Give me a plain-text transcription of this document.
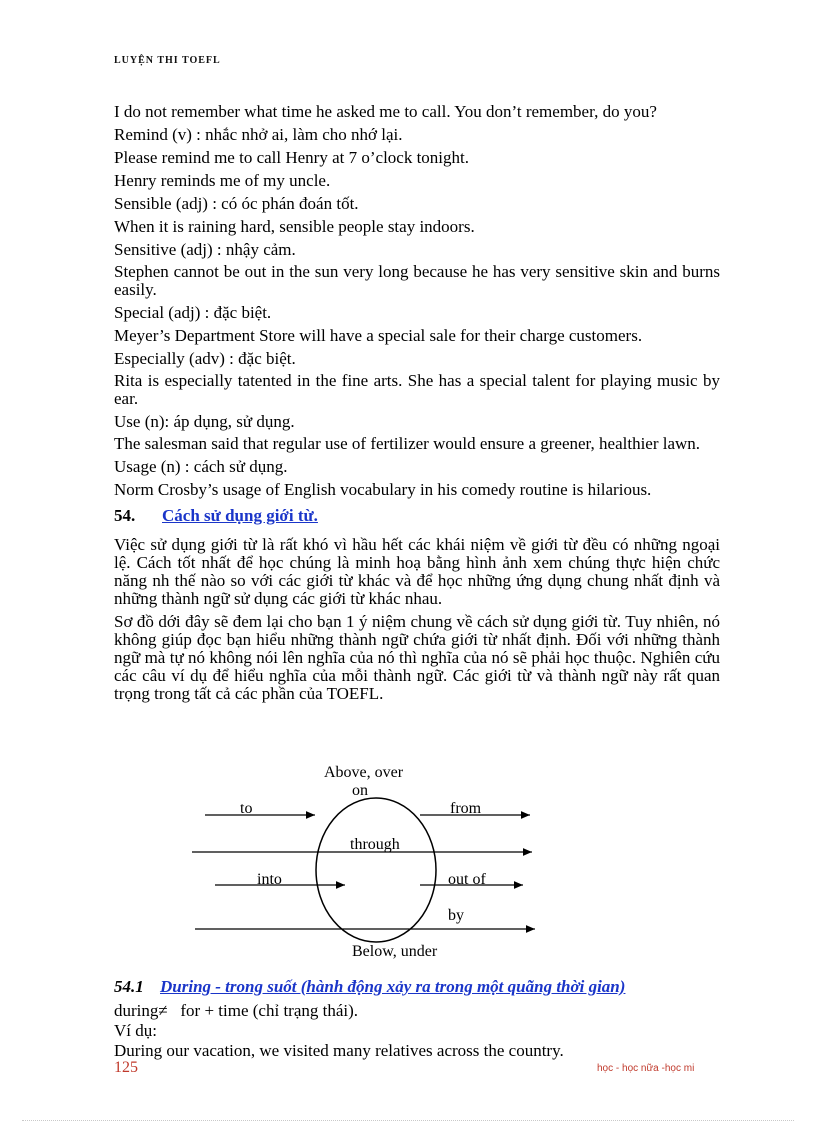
LUYỆN THI TOEFL
I do not remember what time he asked me to call. You don’t remember, do you?
Remind (v) : nhắc nhở ai, làm cho nhớ lại.
Please remind me to call Henry at 7 o’clock tonight.
Henry reminds me of my uncle.
Sensible (adj) : có óc phán đoán tốt.
When it is raining hard, sensible people stay indoors.
Sensitive (adj) : nhậy cảm.
Stephen cannot be out in the sun very long because he has very sensitive skin and burns easily.
Special (adj) : đặc biệt.
Meyer’s Department Store will have a special sale for their charge customers.
Especially (adv) : đặc biệt.
Rita is especially tatented in the fine arts. She has a special talent for playing music by ear.
Use (n): áp dụng, sử dụng.
The salesman said that regular use of fertilizer would ensure a greener, healthier lawn.
Usage (n) : cách sử dụng.
Norm Crosby’s usage of English vocabulary in his comedy routine is hilarious.
54. Cách sử dụng giới từ.
Việc sử dụng giới từ là rất khó vì hầu hết các khái niệm về giới từ đều có những ngoại lệ. Cách tốt nhất để học chúng là minh hoạ bằng hình ảnh xem chúng thực hiện chức năng nh thế nào so với các giới từ khác và để học những ứng dụng chung nhất định và những thành ngữ sử dụng các giới từ khác nhau.
Sơ đồ dới đây sẽ đem lại cho bạn 1 ý niệm chung về cách sử dụng giới từ. Tuy nhiên, nó không giúp đọc bạn hiểu những thành ngữ chứa giới từ nhất định. Đối với những thành ngữ mà tự nó không nói lên nghĩa của nó thì nghĩa của nó sẽ phải học thuộc. Nghiên cứu các câu ví dụ để hiểu nghĩa của mỗi thành ngữ. Các giới từ và thành ngữ này rất quan trọng trong tất cả các phần của TOEFL.
Above, over
on
to	from
through
into	out of
by
Below, under
54.1 During - trong suốt (hành động xảy ra trong một quãng thời gian)
during≠ for + time (chỉ trạng thái).
Ví dụ:
During our vacation, we visited many relatives across the country.
125	học - học nữa -học mi
